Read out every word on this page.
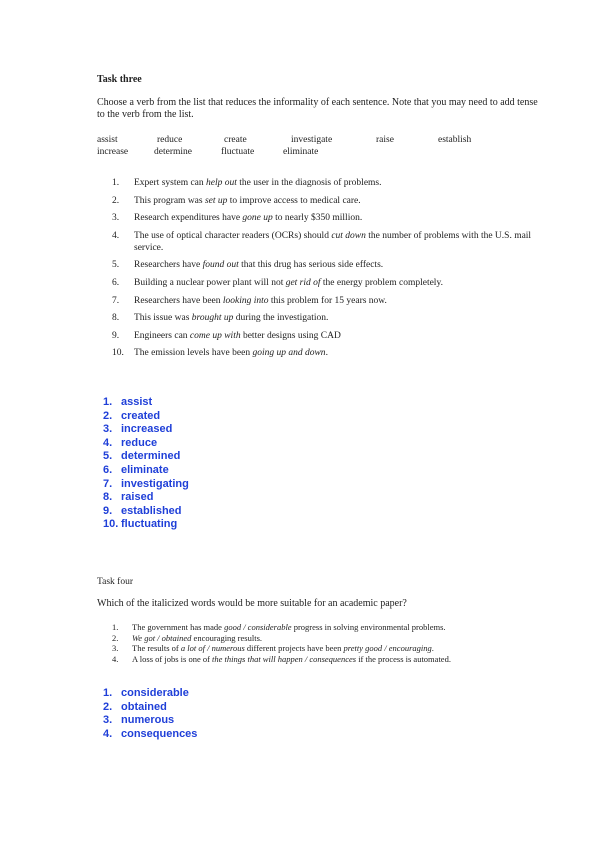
Task three
Choose a verb from the list that reduces the informality of each sentence. Note that you may need to add tense to the verb from the list.
assist	reduce	create	investigate	raise	establish
increase	determine	fluctuate	eliminate
1. Expert system can help out the user in the diagnosis of problems.
2. This program was set up to improve access to medical care.
3. Research expenditures have gone up to nearly $350 million.
4. The use of optical character readers (OCRs) should cut down the number of problems with the U.S. mail service.
5. Researchers have found out that this drug has serious side effects.
6. Building a nuclear power plant will not get rid of the energy problem completely.
7. Researchers have been looking into this problem for 15 years now.
8. This issue was brought up during the investigation.
9. Engineers can come up with better designs using CAD
10. The emission levels have been going up and down.
1. assist
2. created
3. increased
4. reduce
5. determined
6. eliminate
7. investigating
8. raised
9. established
10. fluctuating
Task four
Which of the italicized words would be more suitable for an academic paper?
1. The government has made good / considerable progress in solving environmental problems.
2. We got / obtained encouraging results.
3. The results of a lot of / numerous different projects have been pretty good / encouraging.
4. A loss of jobs is one of the things that will happen / consequences if the process is automated.
1. considerable
2. obtained
3. numerous
4. consequences
